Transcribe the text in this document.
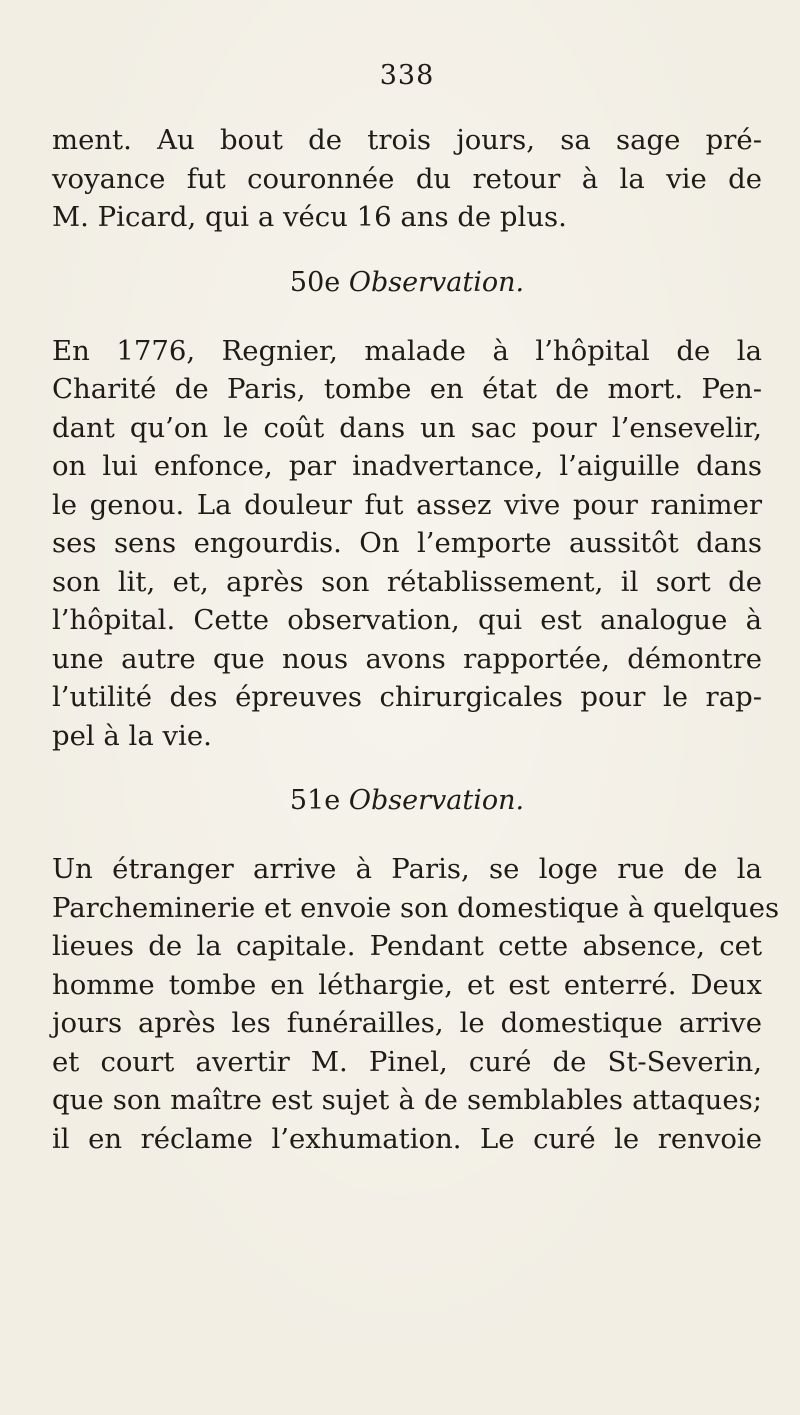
338

ment. Au bout de trois jours, sa sage pré-
voyance fut couronnée du retour à la vie de
M. Picard, qui a vécu 16 ans de plus.

50e Observation.

En 1776, Regnier, malade à l’hôpital de la
Charité de Paris, tombe en état de mort. Pen-
dant qu’on le coût dans un sac pour l’ensevelir,
on lui enfonce, par inadvertance, l’aiguille dans
le genou. La douleur fut assez vive pour ranimer
ses sens engourdis. On l’emporte aussitôt dans
son lit, et, après son rétablissement, il sort de
l’hôpital. Cette observation, qui est analogue à
une autre que nous avons rapportée, démontre
l’utilité des épreuves chirurgicales pour le rap-
pel à la vie.

51e Observation.

Un étranger arrive à Paris, se loge rue de la
Parcheminerie et envoie son domestique à quelques
lieues de la capitale. Pendant cette absence, cet
homme tombe en léthargie, et est enterré. Deux
jours après les funérailles, le domestique arrive
et court avertir M. Pinel, curé de St-Severin,
que son maître est sujet à de semblables attaques;
il en réclame l’exhumation. Le curé le renvoie
